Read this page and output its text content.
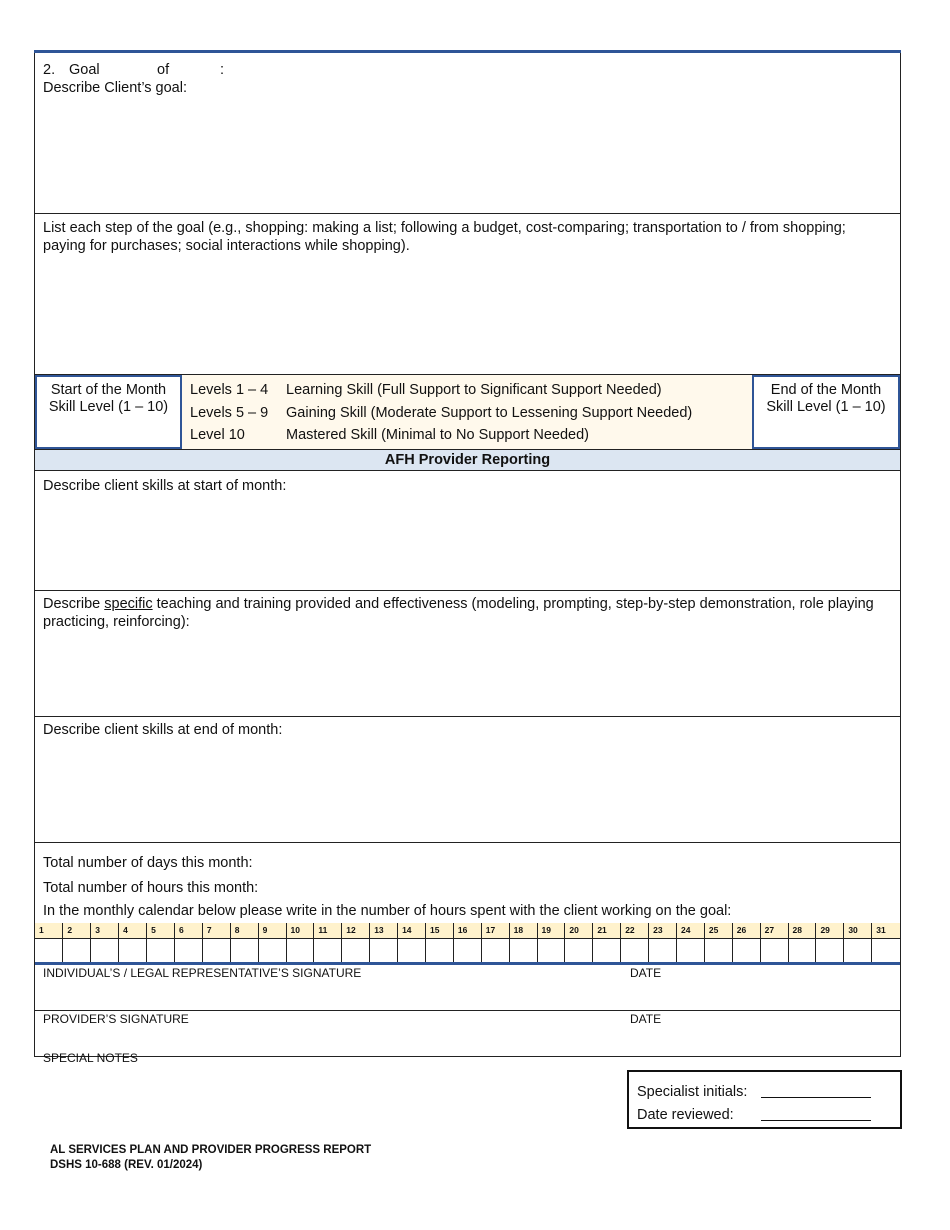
2. Goal	of	:
Describe Client’s goal:
List each step of the goal (e.g., shopping: making a list; following a budget, cost-comparing; transportation to / from shopping; paying for purchases; social interactions while shopping).
Start of the Month
Skill Level (1 – 10)
Levels 1 – 4	Learning Skill (Full Support to Significant Support Needed)
Levels 5 – 9	Gaining Skill (Moderate Support to Lessening Support Needed)
Level 10	Mastered Skill (Minimal to No Support Needed)
End of the Month
Skill Level (1 – 10)
AFH Provider Reporting
Describe client skills at start of month:
Describe specific teaching and training provided and effectiveness (modeling, prompting, step-by-step demonstration, role playing practicing, reinforcing):
Describe client skills at end of month:
Total number of days this month:
Total number of hours this month:
In the monthly calendar below please write in the number of hours spent with the client working on the goal:
1	2	3	4	5	6	7	8	9	10	11	12	13	14	15	16	17	18	19	20	21	22	23	24	25	26	27	28	29	30	31

INDIVIDUAL’S / LEGAL REPRESENTATIVE’S SIGNATURE	DATE
PROVIDER’S SIGNATURE	DATE
SPECIAL NOTES
Specialist initials:
Date reviewed:
AL SERVICES PLAN AND PROVIDER PROGRESS REPORT
DSHS 10-688 (REV. 01/2024)
